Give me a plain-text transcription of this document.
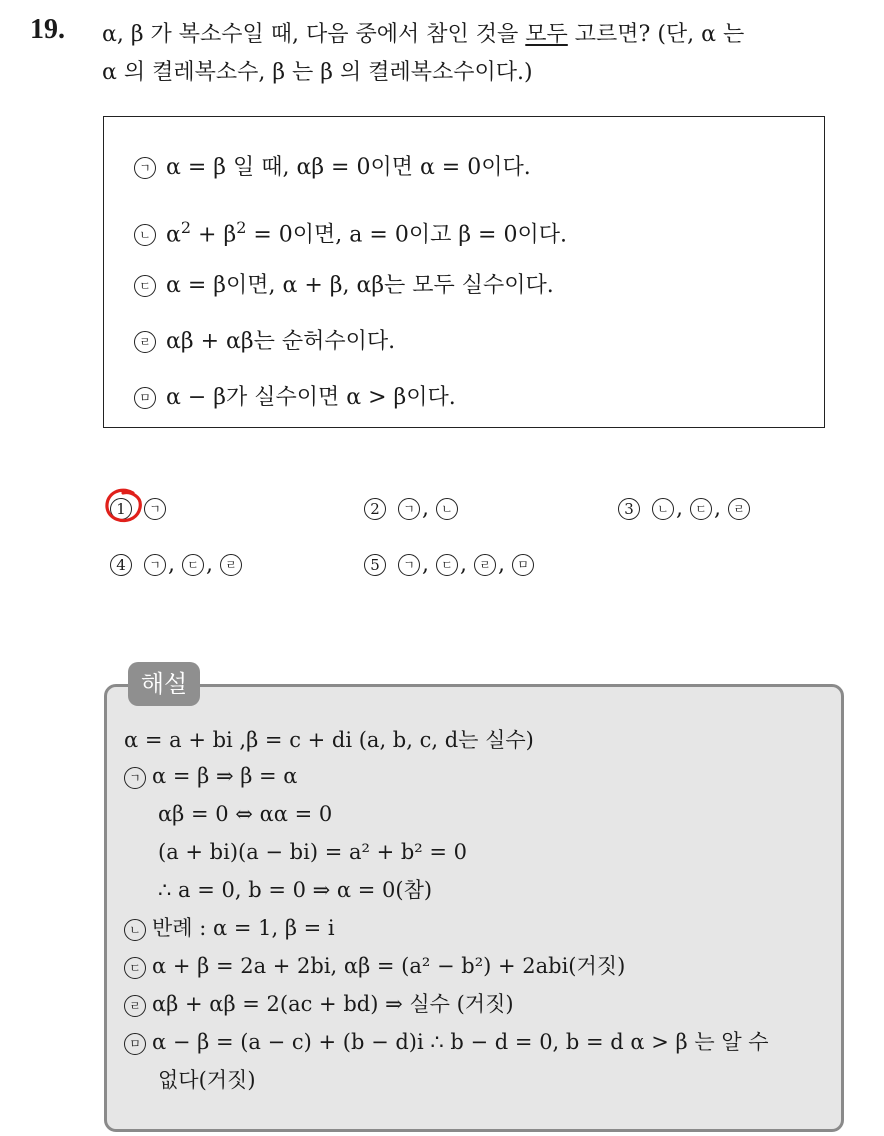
19. α, β 가 복소수일 때, 다음 중에서 참인 것을 모두 고르면? (단, α 는
α 의 켤레복소수, β 는 β 의 켤레복소수이다.)
ㄱ α = β 일 때, αβ = 0이면 α = 0이다.
ㄴ $\alpha^2 + \beta^2 = 0$이면, a = 0이고 β = 0이다.
ㄷ α = β이면, α + β, αβ는 모두 실수이다.
ㄹ αβ + αβ는 순허수이다.
ㅁ α − β가 실수이면 α > β이다.
1 ㄱ	2 ㄱ , ㄴ	3 ㄴ , ㄷ , ㄹ
4 ㄱ , ㄷ , ㄹ	5 ㄱ , ㄷ , ㄹ , ㅁ
해설
α = a + bi ,β = c + di (a, b, c, d는 실수)
ㄱ α = β ⇒ β = α
αβ = 0 ⇔ αα = 0
(a + bi)(a − bi) = a² + b² = 0
∴ a = 0, b = 0 ⇒ α = 0(참)
ㄴ 반례 : α = 1, β = i
ㄷ α + β = 2a + 2bi, αβ = (a² − b²) + 2abi(거짓)
ㄹ αβ + αβ = 2(ac + bd) ⇒ 실수 (거짓)
ㅁ α − β = (a − c) + (b − d)i ∴ b − d = 0, b = d α > β 는 알 수
없다(거짓)
